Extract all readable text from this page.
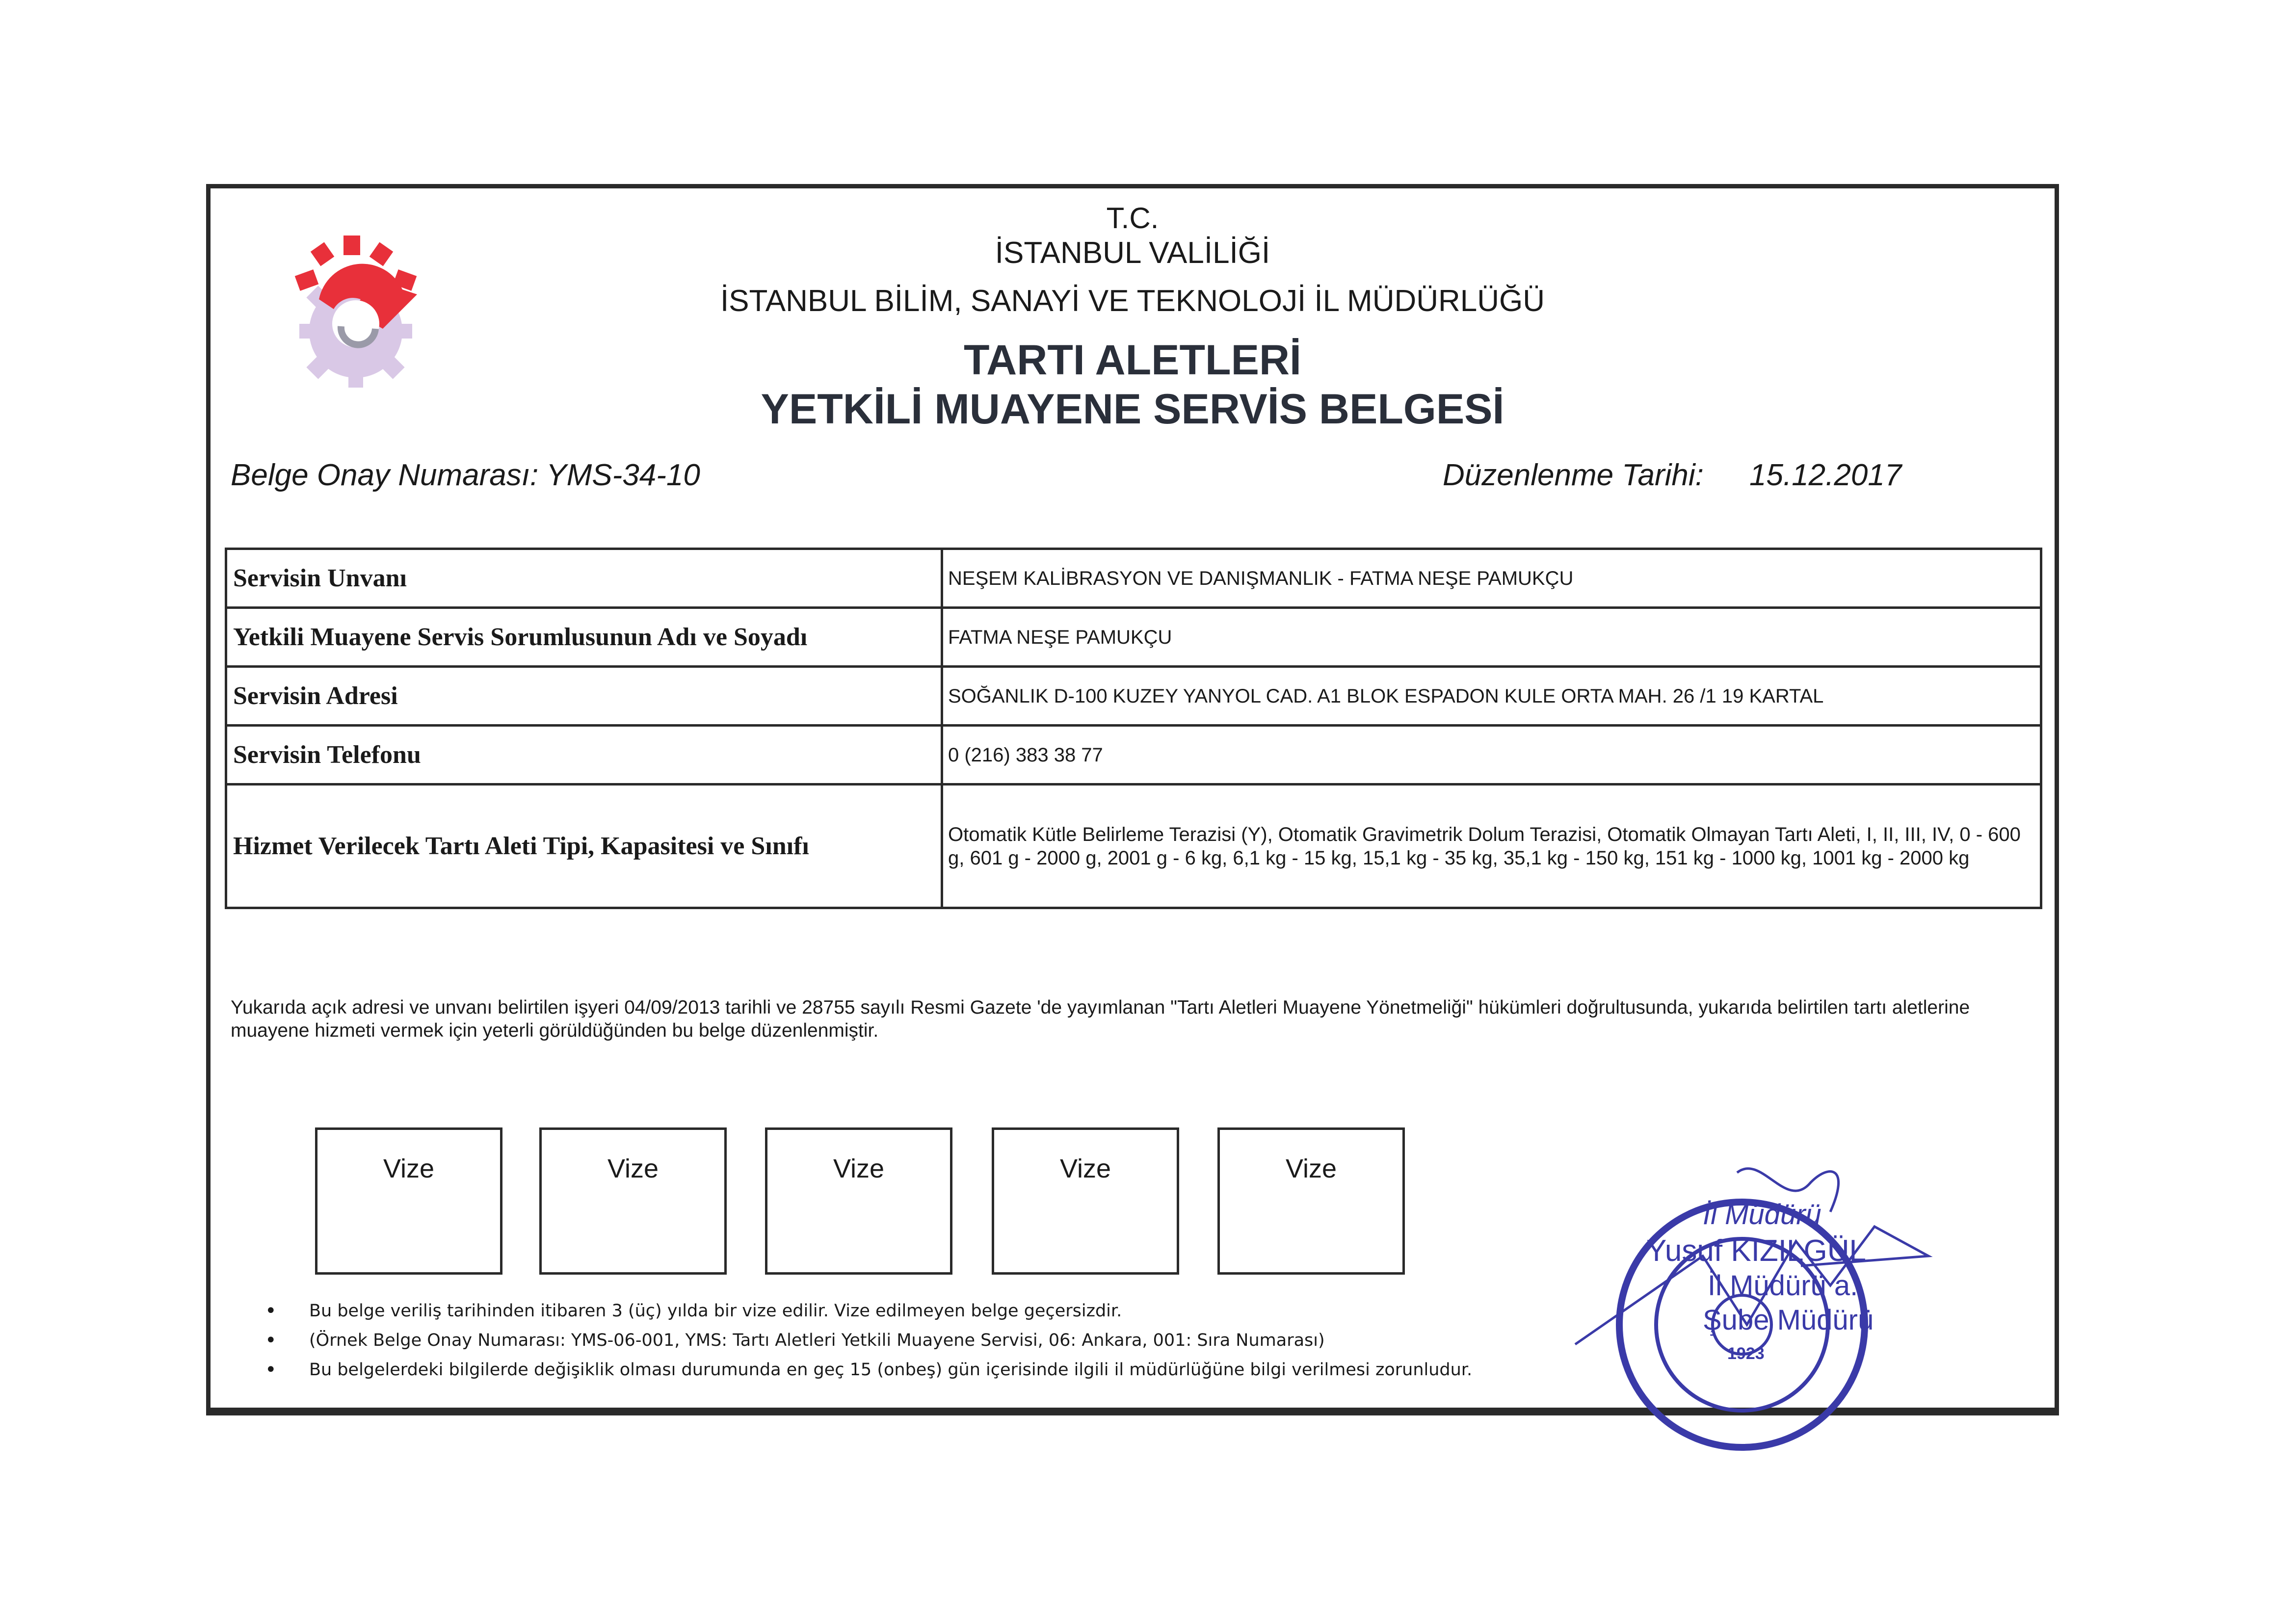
T.C.
İSTANBUL VALİLİĞİ
İSTANBUL BİLİM, SANAYİ VE TEKNOLOJİ İL MÜDÜRLÜĞÜ
TARTI ALETLERİ
YETKİLİ MUAYENE SERVİS BELGESİ
Belge Onay Numarası: YMS-34-10	Düzenlenme Tarihi: 15.12.2017
Servisin Unvanı	NEŞEM KALİBRASYON VE DANIŞMANLIK - FATMA NEŞE PAMUKÇU
Yetkili Muayene Servis Sorumlusunun Adı ve Soyadı	FATMA NEŞE PAMUKÇU
Servisin Adresi	SOĞANLIK D-100 KUZEY YANYOL CAD. A1 BLOK ESPADON KULE ORTA MAH. 26 /1 19 KARTAL
Servisin Telefonu	0 (216) 383 38 77
Hizmet Verilecek Tartı Aleti Tipi, Kapasitesi ve Sınıfı	Otomatik Kütle Belirleme Terazisi (Y), Otomatik Gravimetrik Dolum Terazisi, Otomatik Olmayan Tartı Aleti, I, II, III, IV, 0 - 600 g, 601 g - 2000 g, 2001 g - 6 kg, 6,1 kg - 15 kg, 15,1 kg - 35 kg, 35,1 kg - 150 kg, 151 kg - 1000 kg, 1001 kg - 2000 kg
Yukarıda açık adresi ve unvanı belirtilen işyeri 04/09/2013 tarihli ve 28755 sayılı Resmi Gazete 'de yayımlanan "Tartı Aletleri Muayene Yönetmeliği" hükümleri doğrultusunda, yukarıda belirtilen tartı aletlerine muayene hizmeti vermek için yeterli görüldüğünden bu belge düzenlenmiştir.
Vize	Vize	Vize	Vize	Vize
• Bu belge veriliş tarihinden itibaren 3 (üç) yılda bir vize edilir. Vize edilmeyen belge geçersizdir.
• (Örnek Belge Onay Numarası: YMS-06-001, YMS: Tartı Aletleri Yetkili Muayene Servisi, 06: Ankara, 001: Sıra Numarası)
• Bu belgelerdeki bilgilerde değişiklik olması durumunda en geç 15 (onbeş) gün içerisinde ilgili il müdürlüğüne bilgi verilmesi zorunludur.
İl Müdürü
Yusuf KIZILGÜL
İl Müdürü a.
Şube Müdürü
1923
